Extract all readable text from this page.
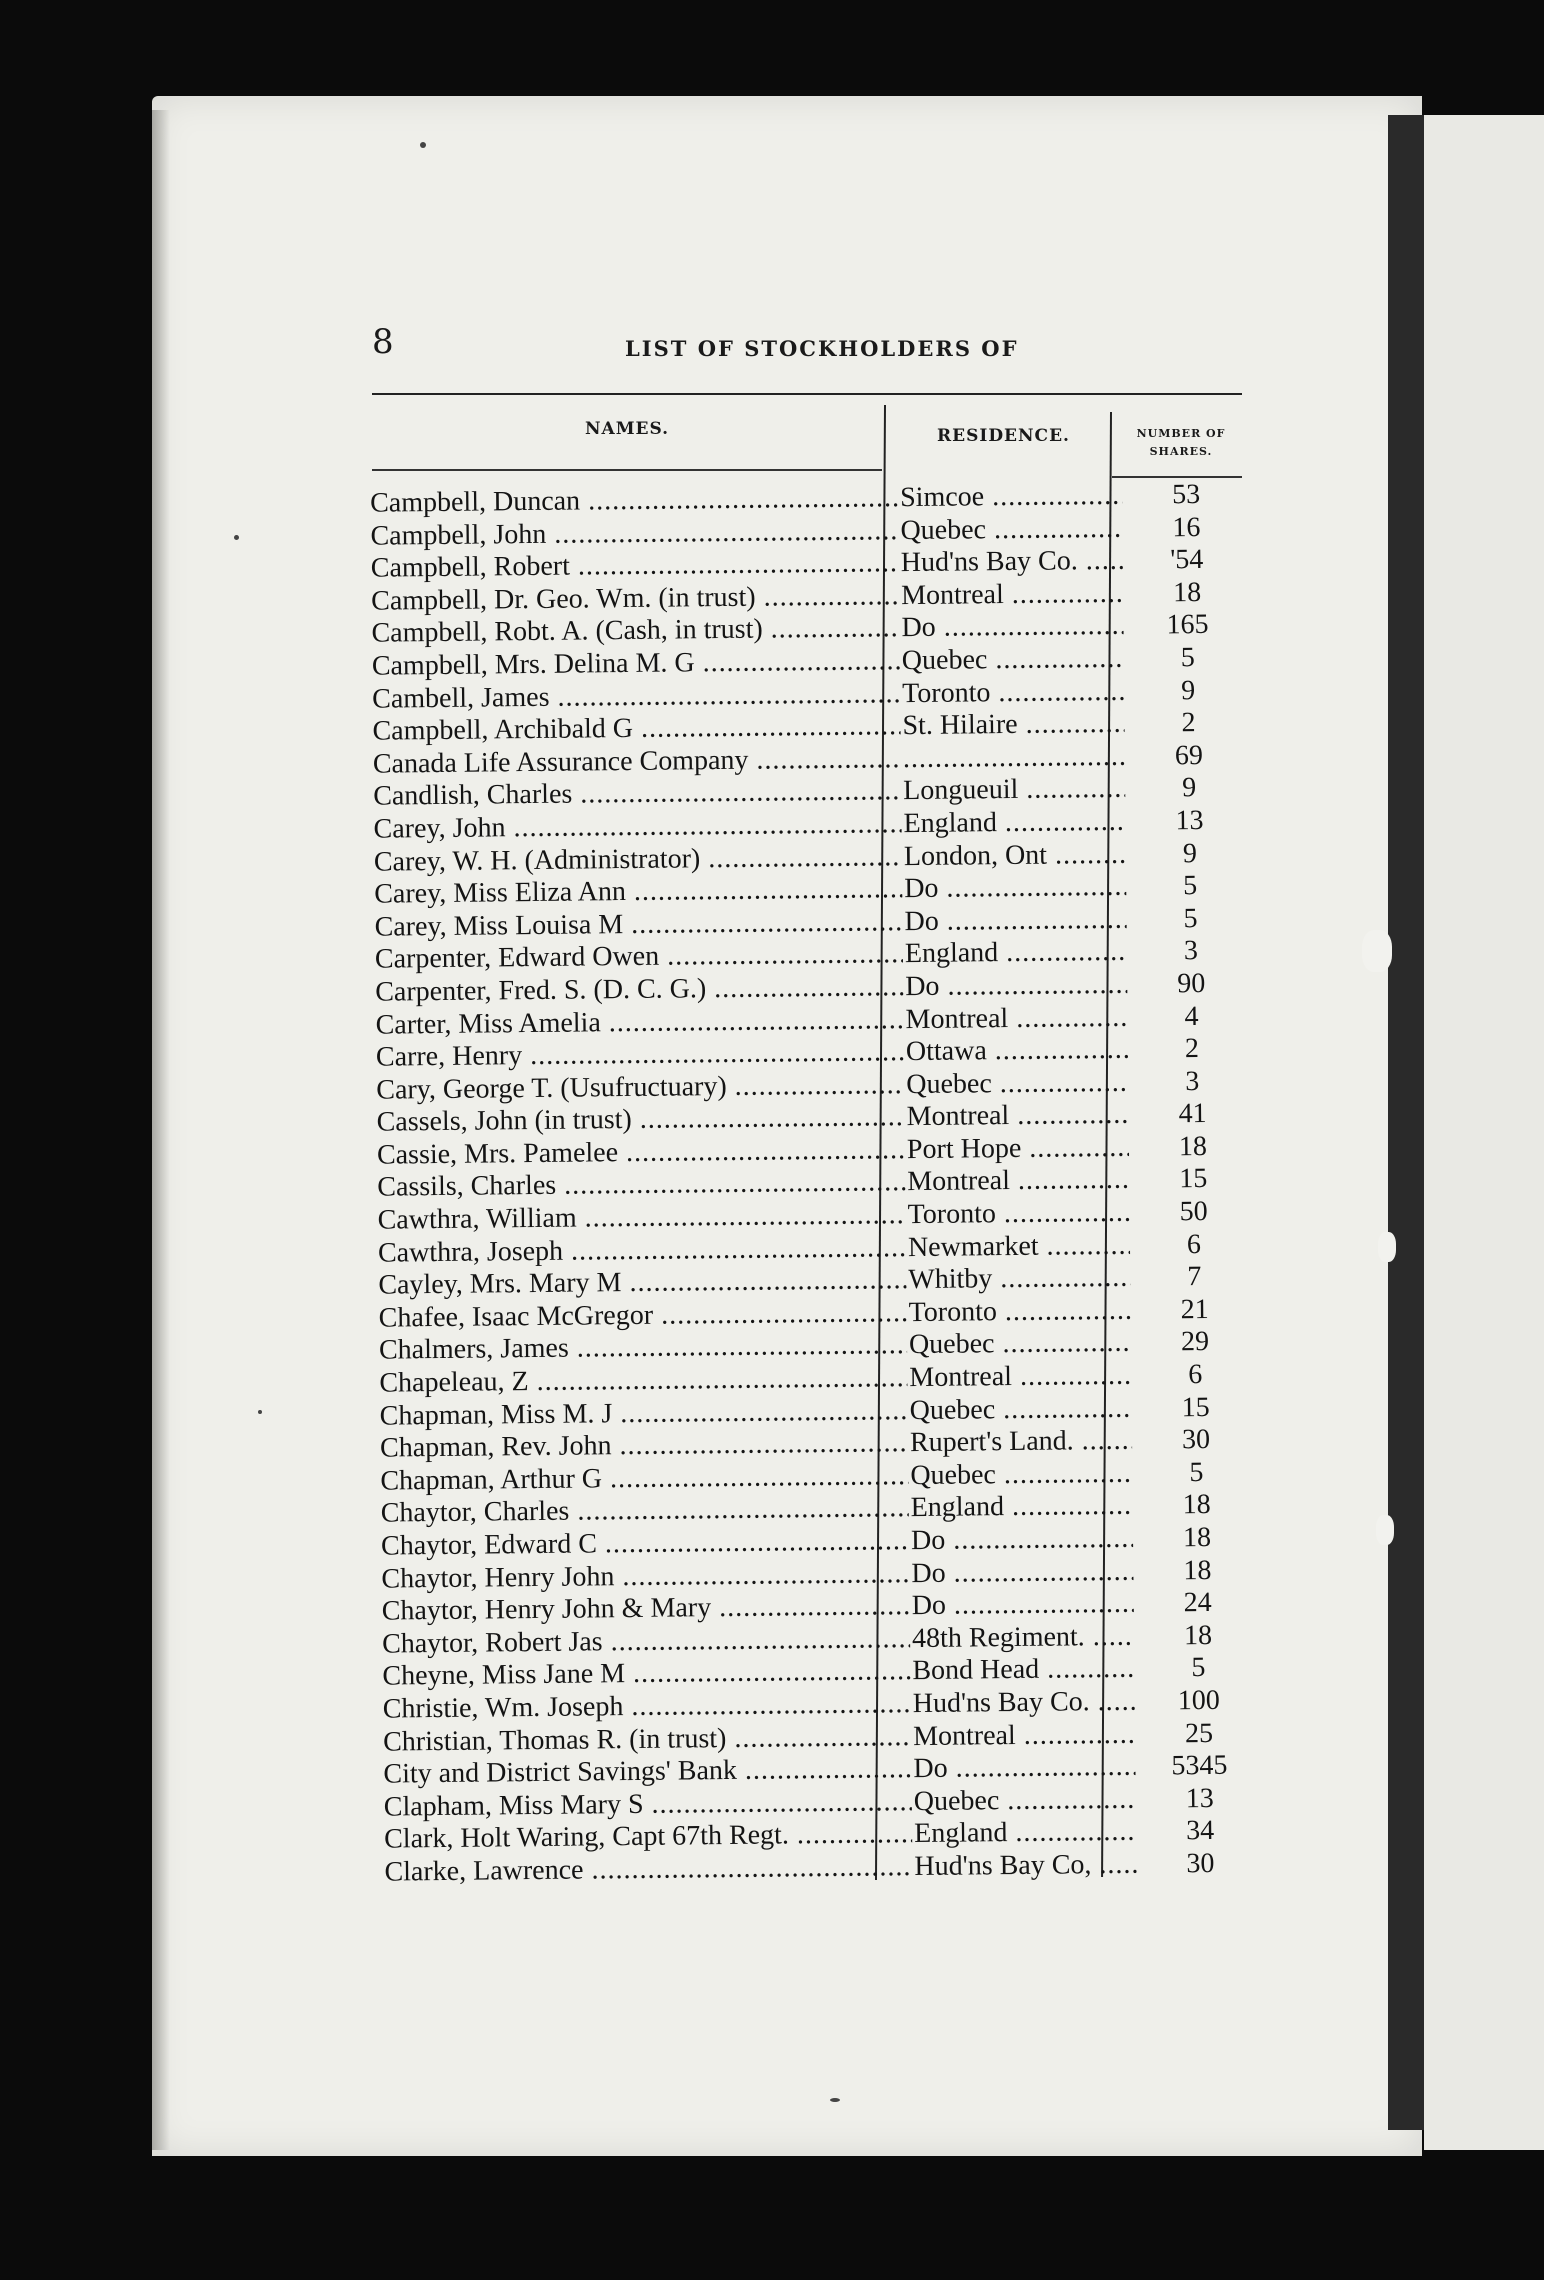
8	LIST OF STOCKHOLDERS OF
NAMES.	RESIDENCE.	NUMBER OF
SHARES.
Campbell, Duncan .....	Simcoe .....	53
Campbell, John .....	Quebec .....	16
Campbell, Robert .....	Hud'ns Bay Co. .....	'54
Campbell, Dr. Geo. Wm. (in trust) .....	Montreal .....	18
Campbell, Robt. A. (Cash, in trust) .....	Do .....	165
Campbell, Mrs. Delina M. G .....	Quebec .....	5
Cambell, James .....	Toronto .....	9
Campbell, Archibald G .....	St. Hilaire .....	2
Canada Life Assurance Company ..... .....	69
Candlish, Charles .....	Longueuil .....	9
Carey, John .....	England .....	13
Carey, W. H. (Administrator) .....	London, Ont .....	9
Carey, Miss Eliza Ann .....	Do .....	5
Carey, Miss Louisa M .....	Do .....	5
Carpenter, Edward Owen .....	England .....	3
Carpenter, Fred. S. (D. C. G.) .....	Do .....	90
Carter, Miss Amelia .....	Montreal .....	4
Carre, Henry .....	Ottawa .....	2
Cary, George T. (Usufructuary) .....	Quebec .....	3
Cassels, John (in trust) .....	Montreal .....	41
Cassie, Mrs. Pamelee .....	Port Hope .....	18
Cassils, Charles .....	Montreal .....	15
Cawthra, William .....	Toronto .....	50
Cawthra, Joseph .....	Newmarket .....	6
Cayley, Mrs. Mary M .....	Whitby .....	7
Chafee, Isaac McGregor .....	Toronto .....	21
Chalmers, James .....	Quebec .....	29
Chapeleau, Z .....	Montreal .....	6
Chapman, Miss M. J .....	Quebec .....	15
Chapman, Rev. John .....	Rupert's Land. .....	30
Chapman, Arthur G .....	Quebec .....	5
Chaytor, Charles .....	England .....	18
Chaytor, Edward C .....	Do .....	18
Chaytor, Henry John .....	Do .....	18
Chaytor, Henry John & Mary .....	Do .....	24
Chaytor, Robert Jas .....	48th Regiment. .....	18
Cheyne, Miss Jane M .....	Bond Head .....	5
Christie, Wm. Joseph .....	Hud'ns Bay Co. .....	100
Christian, Thomas R. (in trust) .....	Montreal .....	25
City and District Savings' Bank .....	Do .....	5345
Clapham, Miss Mary S .....	Quebec .....	13
Clark, Holt Waring, Capt 67th Regt. .....	England .....	34
Clarke, Lawrence .....	Hud'ns Bay Co, .....	30
